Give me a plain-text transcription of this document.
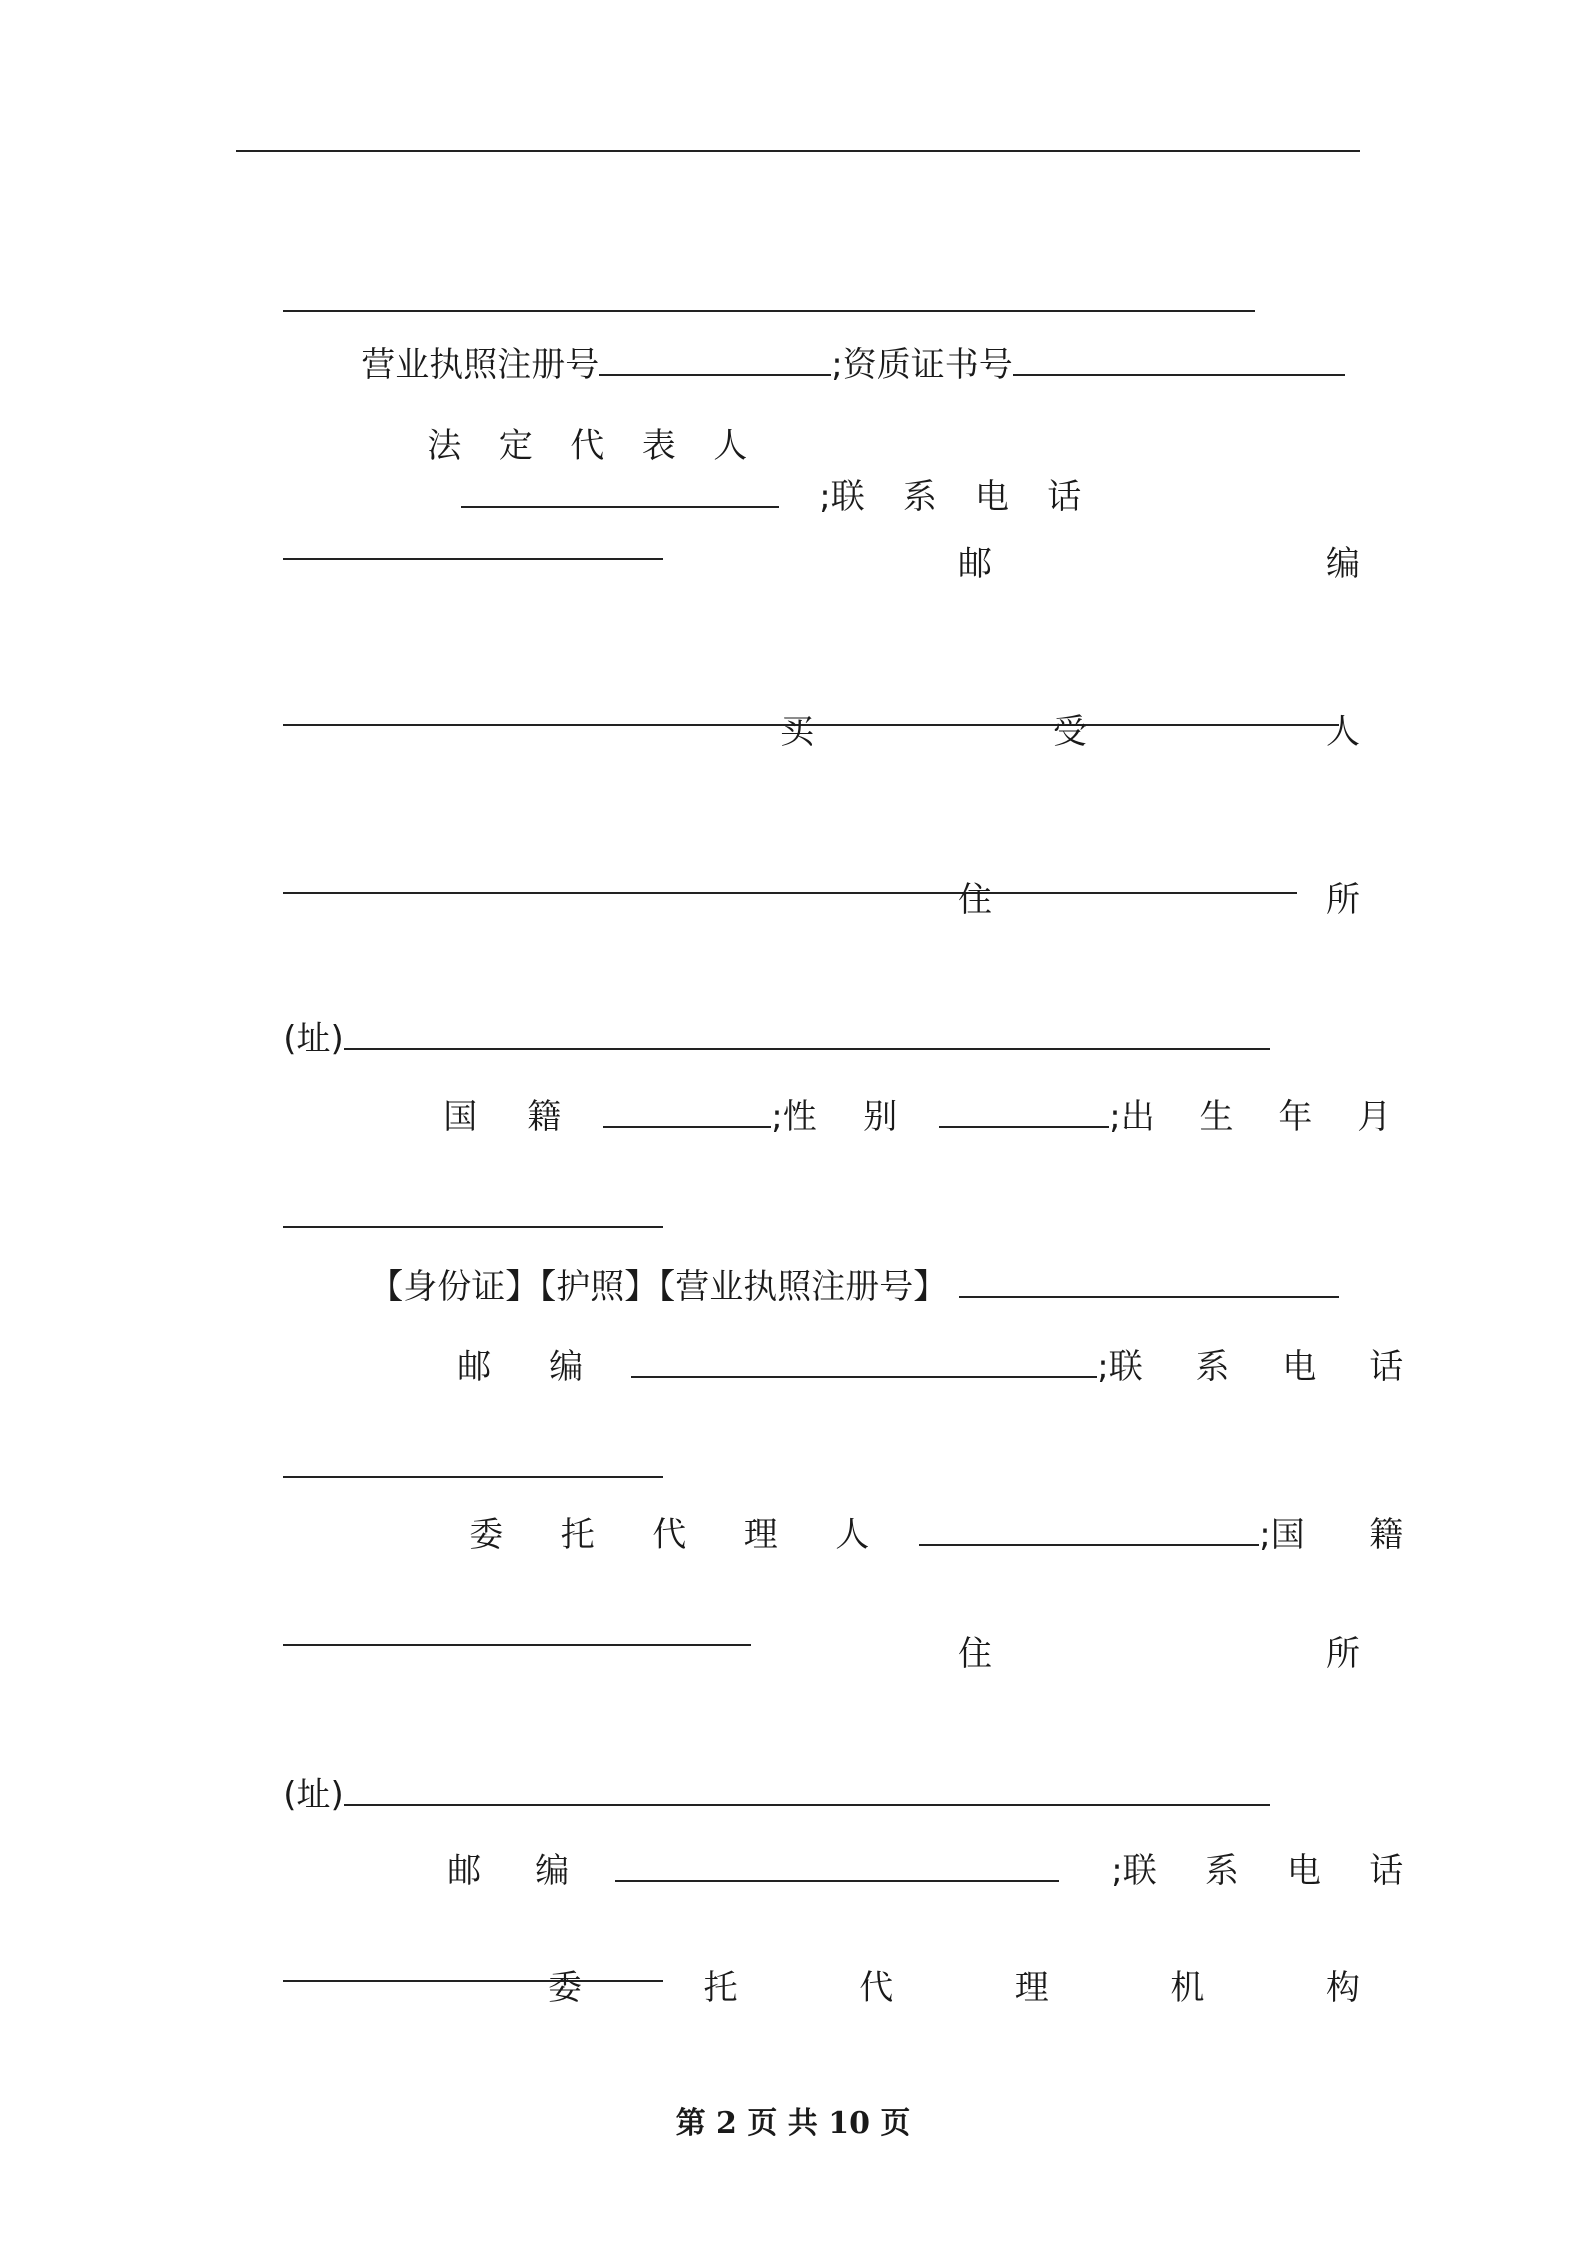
营业执照注册号	;资质证书号

法 定 代 表 人

;联 系 电 话

邮	编

买	受	人

住	所

(址)

国 籍	;性 别	;出 生 年 月

【身份证】【护照】【营业执照注册号】

邮 编	;联 系 电 话

委 托 代 理 人	;国 籍

住	所

(址)

邮 编	;联 系 电 话

委	托	代	理	机	构
第 2 页 共 10 页
